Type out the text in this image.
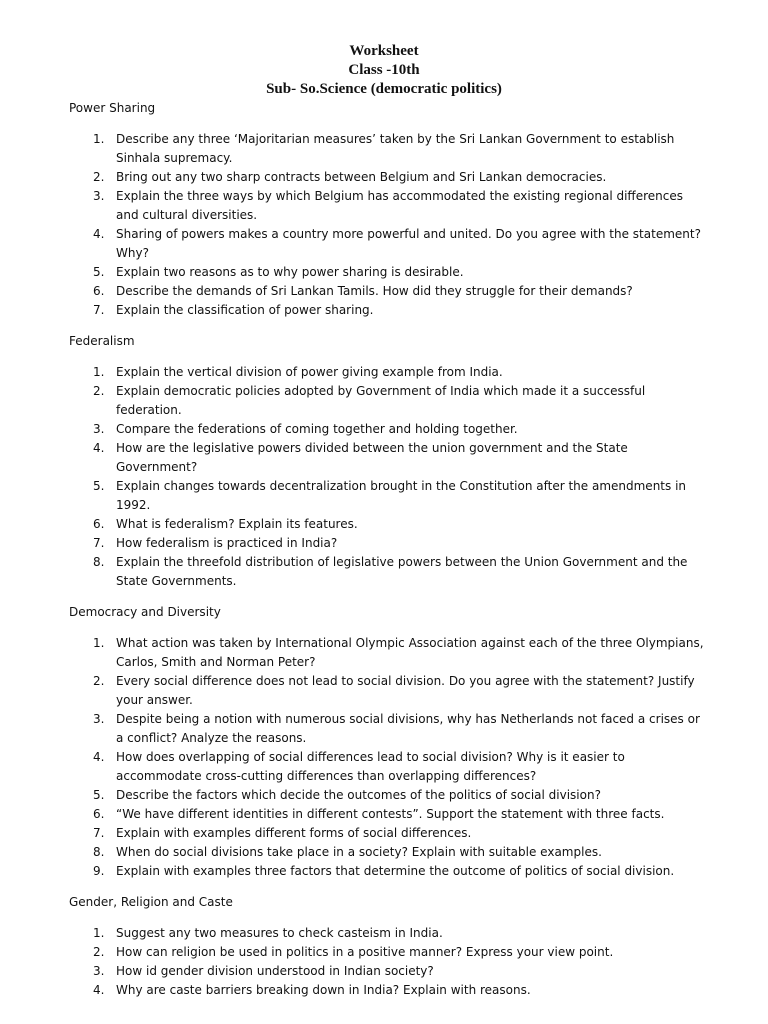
Worksheet
Class -10th
Sub- So.Science (democratic politics)
Power Sharing
1. Describe any three ‘Majoritarian measures’ taken by the Sri Lankan Government to establish Sinhala supremacy.
2. Bring out any two sharp contracts between Belgium and Sri Lankan democracies.
3. Explain the three ways by which Belgium has accommodated the existing regional differences and cultural diversities.
4. Sharing of powers makes a country more powerful and united. Do you agree with the statement? Why?
5. Explain two reasons as to why power sharing is desirable.
6. Describe the demands of Sri Lankan Tamils. How did they struggle for their demands?
7. Explain the classification of power sharing.
Federalism
1. Explain the vertical division of power giving example from India.
2. Explain democratic policies adopted by Government of India which made it a successful federation.
3. Compare the federations of coming together and holding together.
4. How are the legislative powers divided between the union government and the State Government?
5. Explain changes towards decentralization brought in the Constitution after the amendments in 1992.
6. What is federalism? Explain its features.
7. How federalism is practiced in India?
8. Explain the threefold distribution of legislative powers between the Union Government and the State Governments.
Democracy and Diversity
1. What action was taken by International Olympic Association against each of the three Olympians, Carlos, Smith and Norman Peter?
2. Every social difference does not lead to social division. Do you agree with the statement? Justify your answer.
3. Despite being a notion with numerous social divisions, why has Netherlands not faced a crises or a conflict? Analyze the reasons.
4. How does overlapping of social differences lead to social division? Why is it easier to accommodate cross-cutting differences than overlapping differences?
5. Describe the factors which decide the outcomes of the politics of social division?
6. “We have different identities in different contests”. Support the statement with three facts.
7. Explain with examples different forms of social differences.
8. When do social divisions take place in a society? Explain with suitable examples.
9. Explain with examples three factors that determine the outcome of politics of social division.
Gender, Religion and Caste
1. Suggest any two measures to check casteism in India.
2. How can religion be used in politics in a positive manner? Express your view point.
3. How id gender division understood in Indian society?
4. Why are caste barriers breaking down in India? Explain with reasons.
